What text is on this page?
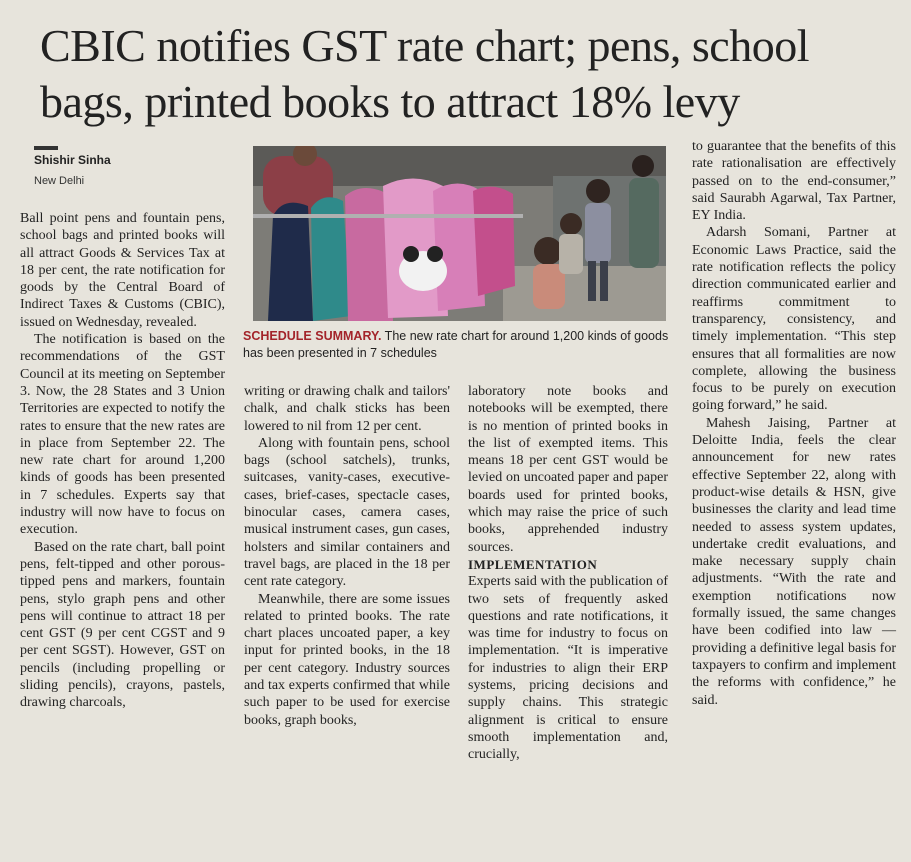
CBIC notifies GST rate chart; pens, school bags, printed books to attract 18% levy
Shishir Sinha
New Delhi

Ball point pens and fountain pens, school bags and printed books will all attract Goods & Services Tax at 18 per cent, the rate notification for goods by the Central Board of Indirect Taxes & Customs (CBIC), issued on Wednesday, revealed.

The notification is based on the recommendations of the GST Council at its meeting on September 3. Now, the 28 States and 3 Union Territories are expected to notify the rates to ensure that the new rates are in place from September 22. The new rate chart for around 1,200 kinds of goods has been presented in 7 schedules. Experts say that industry will now have to focus on execution.

Based on the rate chart, ball point pens, felt-tipped and other porous-tipped pens and markers, fountain pens, stylo graph pens and other pens will continue to attract 18 per cent GST (9 per cent CGST and 9 per cent SGST). However, GST on pencils (including propelling or sliding pencils), crayons, pastels, drawing charcoals,

SCHEDULE SUMMARY. The new rate chart for around 1,200 kinds of goods has been presented in 7 schedules

writing or drawing chalk and tailors' chalk, and chalk sticks has been lowered to nil from 12 per cent.

Along with fountain pens, school bags (school satchels), trunks, suitcases, vanity-cases, executive-cases, brief-cases, spectacle cases, binocular cases, camera cases, musical instrument cases, gun cases, holsters and similar containers and travel bags, are placed in the 18 per cent rate category.

Meanwhile, there are some issues related to printed books. The rate chart places uncoated paper, a key input for printed books, in the 18 per cent category. Industry sources and tax experts confirmed that while such paper to be used for exercise books, graph books,

laboratory note books and notebooks will be exempted, there is no mention of printed books in the list of exempted items. This means 18 per cent GST would be levied on uncoated paper and paper boards used for printed books, which may raise the price of such books, apprehended industry sources.

IMPLEMENTATION

Experts said with the publication of two sets of frequently asked questions and rate notifications, it was time for industry to focus on implementation. “It is imperative for industries to align their ERP systems, pricing decisions and supply chains. This strategic alignment is critical to ensure smooth implementation and, crucially,

to guarantee that the benefits of this rate rationalisation are effectively passed on to the end-consumer,” said Saurabh Agarwal, Tax Partner, EY India.

Adarsh Somani, Partner at Economic Laws Practice, said the rate notification reflects the policy direction communicated earlier and reaffirms commitment to transparency, consistency, and timely implementation. “This step ensures that all formalities are now complete, allowing the business focus to be purely on execution going forward,” he said.

Mahesh Jaising, Partner at Deloitte India, feels the clear announcement for new rates effective September 22, along with product-wise details & HSN, give businesses the clarity and lead time needed to assess system updates, undertake credit evaluations, and make necessary supply chain adjustments. “With the rate and exemption notifications now formally issued, the same changes have been codified into law — providing a definitive legal basis for taxpayers to confirm and implement the reforms with confidence,” he said.
